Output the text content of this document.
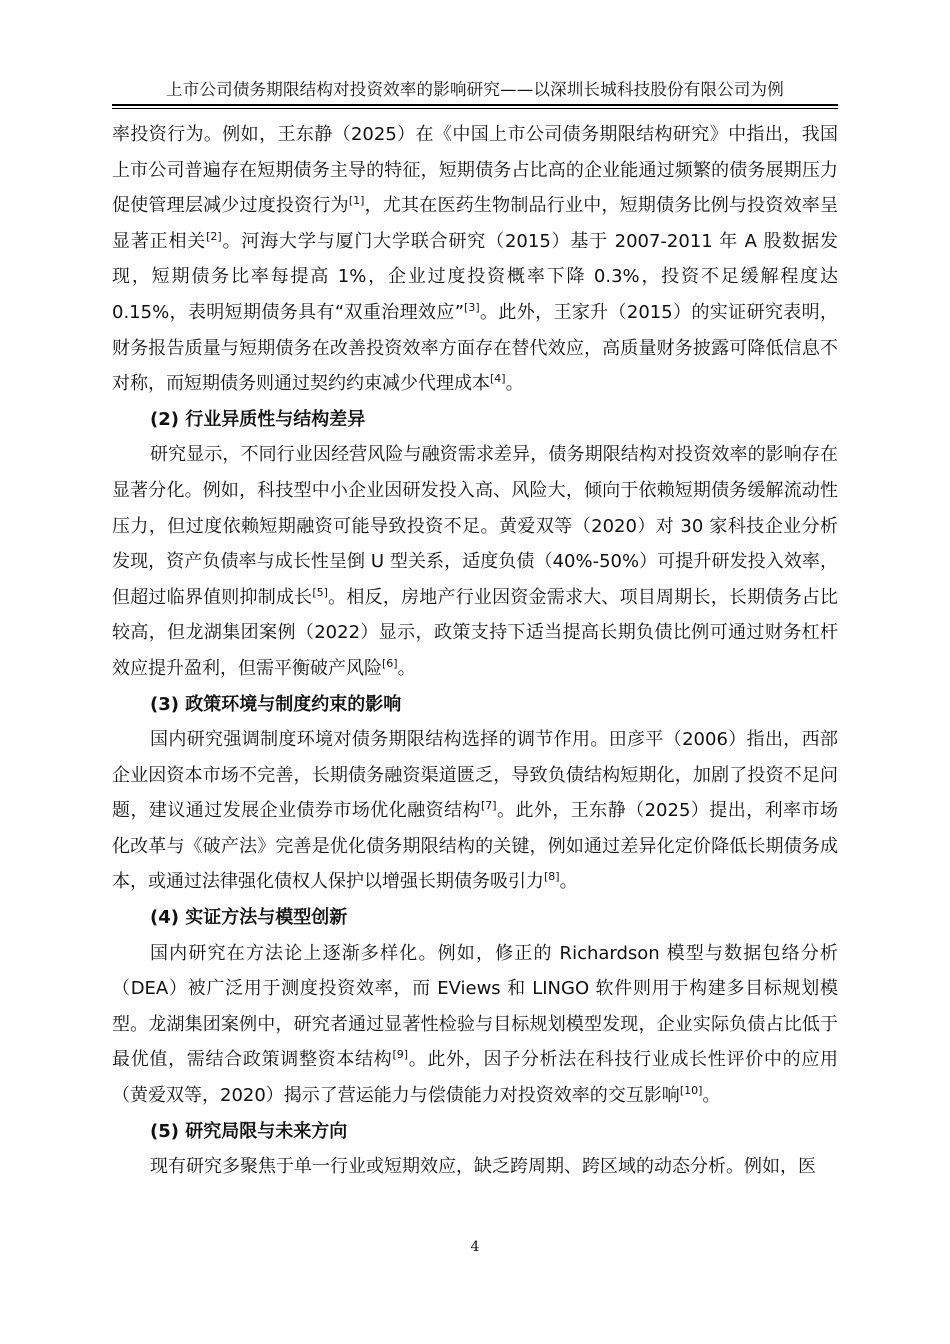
上市公司债务期限结构对投资效率的影响研究——以深圳长城科技股份有限公司为例

率投资行为。例如，王东静（2025）在《中国上市公司债务期限结构研究》中指出，我国上市公司普遍存在短期债务主导的特征，短期债务占比高的企业能通过频繁的债务展期压力促使管理层减少过度投资行为[1]，尤其在医药生物制品行业中，短期债务比例与投资效率呈显著正相关[2]。河海大学与厦门大学联合研究（2015）基于 2007-2011 年 A 股数据发现，短期债务比率每提高 1%，企业过度投资概率下降 0.3%，投资不足缓解程度达 0.15%，表明短期债务具有“双重治理效应”[3]。此外，王家升（2015）的实证研究表明，财务报告质量与短期债务在改善投资效率方面存在替代效应，高质量财务披露可降低信息不对称，而短期债务则通过契约约束减少代理成本[4]。

(2) 行业异质性与结构差异

研究显示，不同行业因经营风险与融资需求差异，债务期限结构对投资效率的影响存在显著分化。例如，科技型中小企业因研发投入高、风险大，倾向于依赖短期债务缓解流动性压力，但过度依赖短期融资可能导致投资不足。黄爱双等（2020）对 30 家科技企业分析发现，资产负债率与成长性呈倒 U 型关系，适度负债（40%-50%）可提升研发投入效率，但超过临界值则抑制成长[5]。相反，房地产行业因资金需求大、项目周期长，长期债务占比较高，但龙湖集团案例（2022）显示，政策支持下适当提高长期负债比例可通过财务杠杆效应提升盈利，但需平衡破产风险[6]。

(3) 政策环境与制度约束的影响

国内研究强调制度环境对债务期限结构选择的调节作用。田彦平（2006）指出，西部企业因资本市场不完善，长期债务融资渠道匮乏，导致负债结构短期化，加剧了投资不足问题，建议通过发展企业债券市场优化融资结构[7]。此外，王东静（2025）提出，利率市场化改革与《破产法》完善是优化债务期限结构的关键，例如通过差异化定价降低长期债务成本，或通过法律强化债权人保护以增强长期债务吸引力[8]。

(4) 实证方法与模型创新

国内研究在方法论上逐渐多样化。例如，修正的 Richardson 模型与数据包络分析（DEA）被广泛用于测度投资效率，而 EViews 和 LINGO 软件则用于构建多目标规划模型。龙湖集团案例中，研究者通过显著性检验与目标规划模型发现，企业实际负债占比低于最优值，需结合政策调整资本结构[9]。此外，因子分析法在科技行业成长性评价中的应用（黄爱双等，2020）揭示了营运能力与偿债能力对投资效率的交互影响[10]。

(5) 研究局限与未来方向

现有研究多聚焦于单一行业或短期效应，缺乏跨周期、跨区域的动态分析。例如，医

4
